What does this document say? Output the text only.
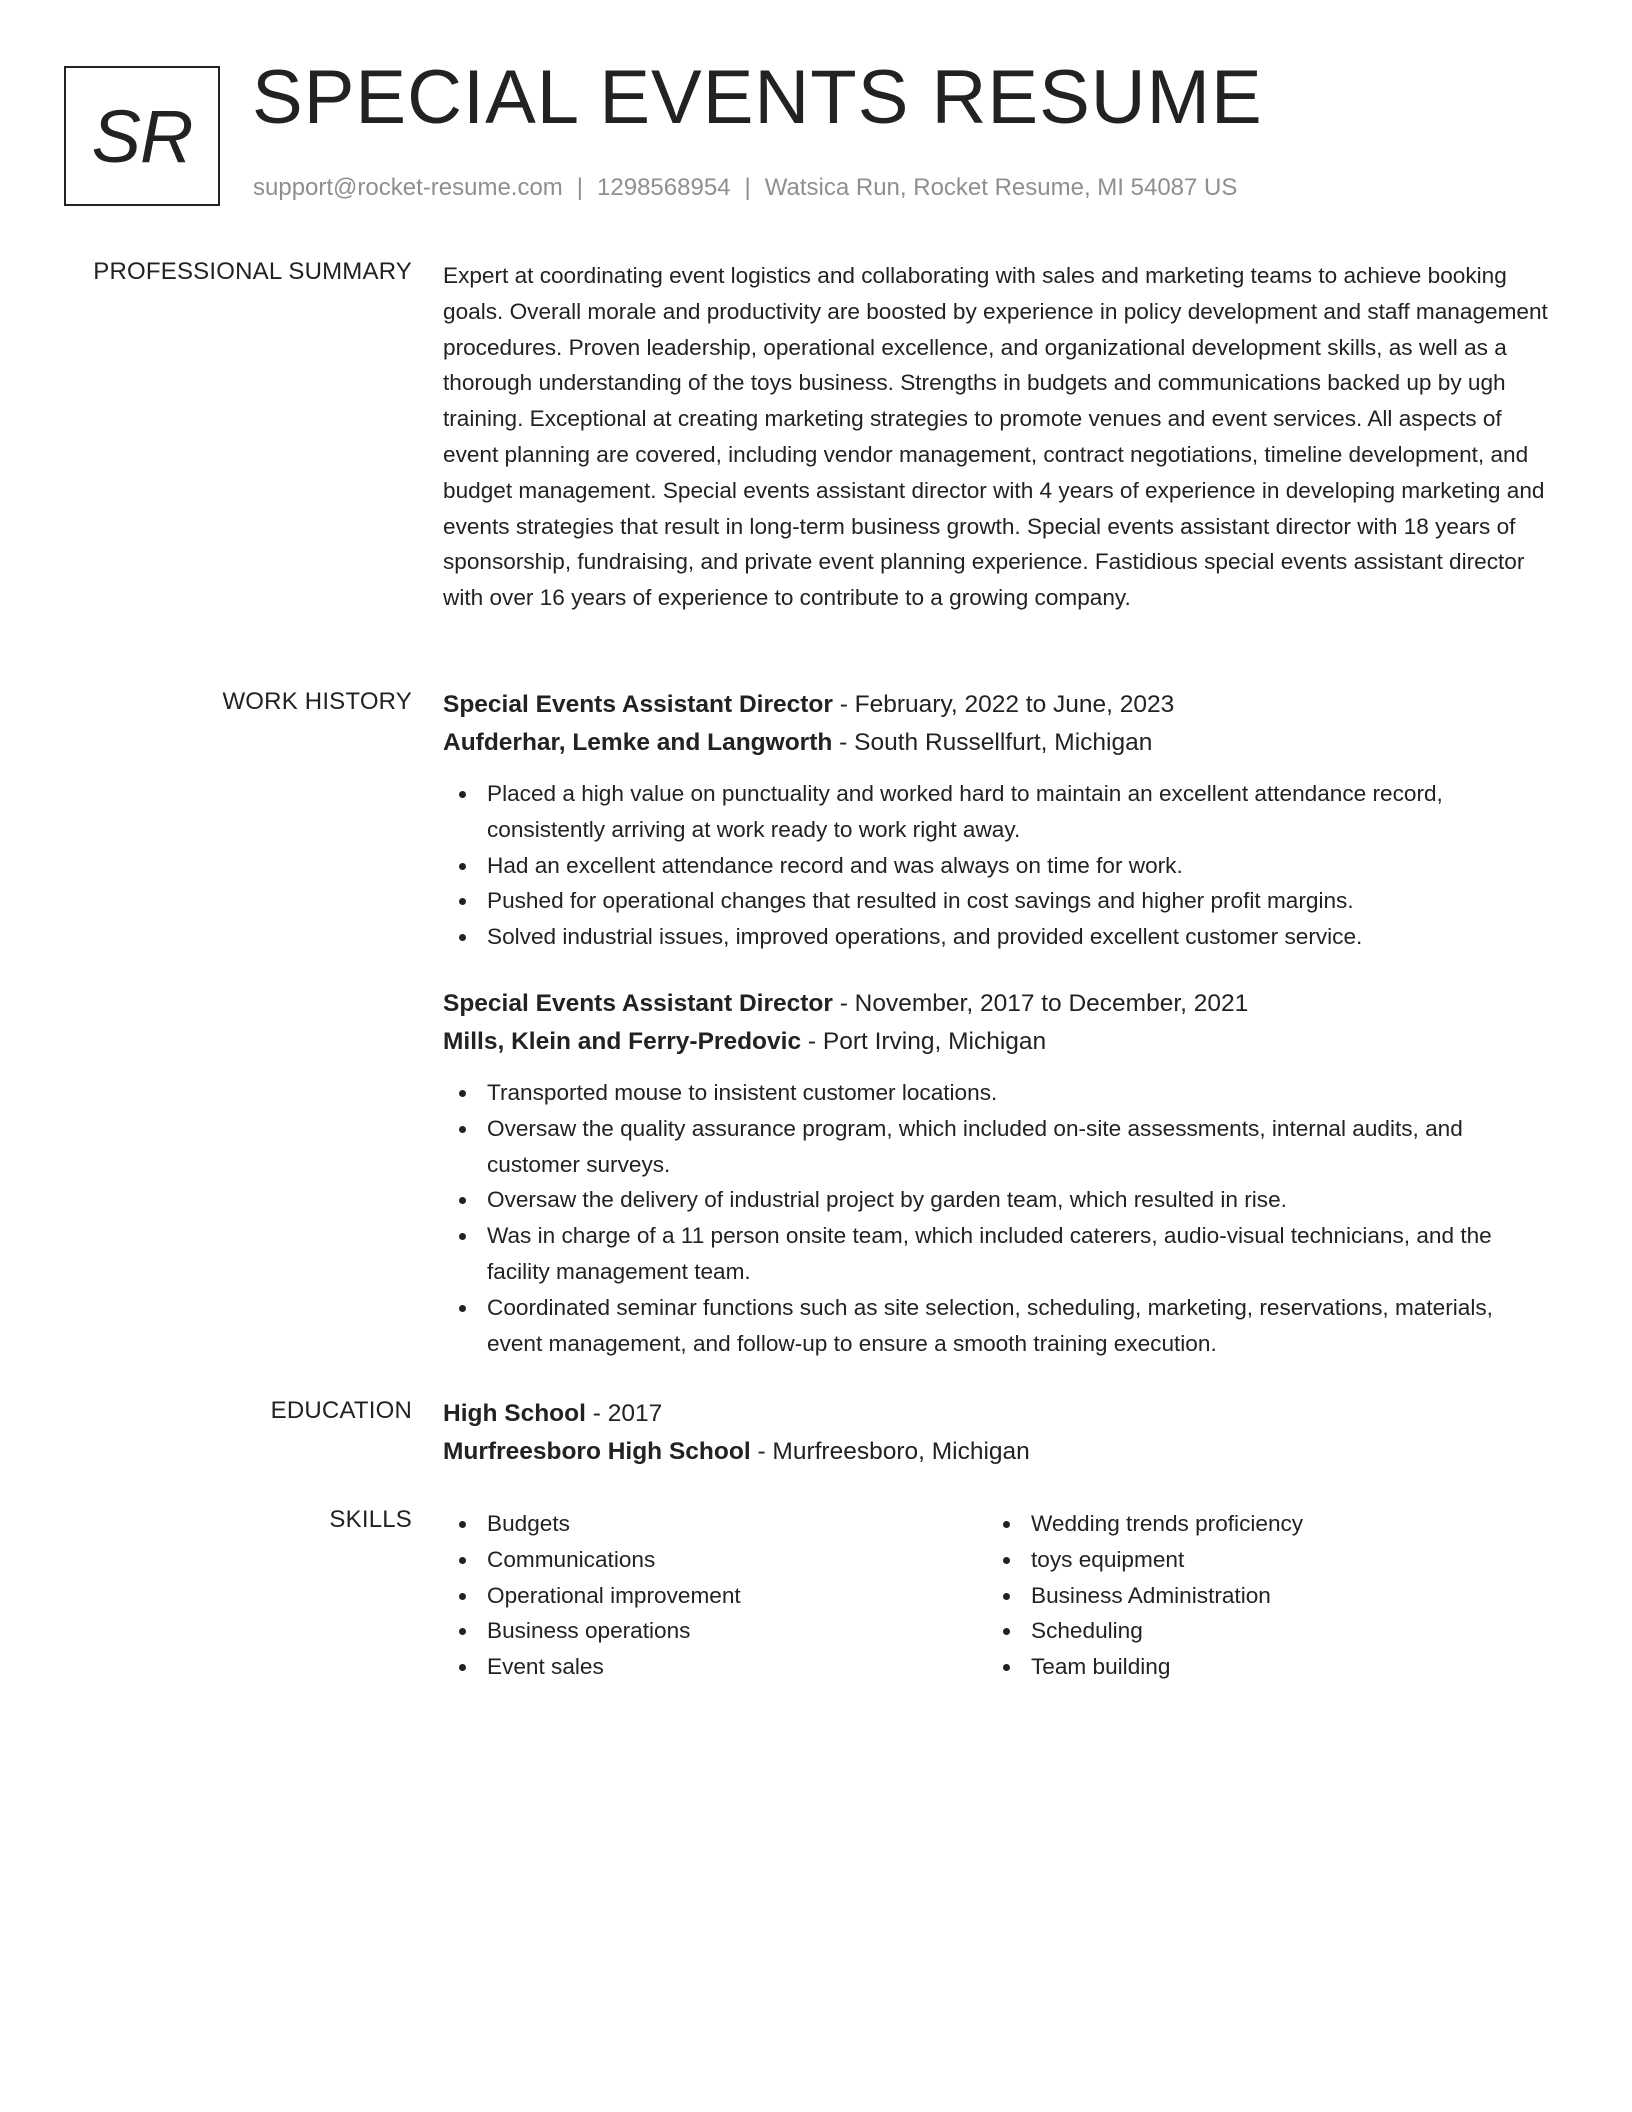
SR SPECIAL EVENTS RESUME
support@rocket-resume.com | 1298568954 | Watsica Run, Rocket Resume, MI 54087 US
PROFESSIONAL SUMMARY Expert at coordinating event logistics and collaborating with sales and marketing teams to achieve booking goals. Overall morale and productivity are boosted by experience in policy development and staff management procedures. Proven leadership, operational excellence, and organizational development skills, as well as a thorough understanding of the toys business. Strengths in budgets and communications backed up by ugh training. Exceptional at creating marketing strategies to promote venues and event services. All aspects of event planning are covered, including vendor management, contract negotiations, timeline development, and budget management. Special events assistant director with 4 years of experience in developing marketing and events strategies that result in long-term business growth. Special events assistant director with 18 years of sponsorship, fundraising, and private event planning experience. Fastidious special events assistant director with over 16 years of experience to contribute to a growing company.

WORK HISTORY Special Events Assistant Director - February, 2022 to June, 2023
Aufderhar, Lemke and Langworth - South Russellfurt, Michigan
Placed a high value on punctuality and worked hard to maintain an excellent attendance record, consistently arriving at work ready to work right away.
Had an excellent attendance record and was always on time for work.
Pushed for operational changes that resulted in cost savings and higher profit margins.
Solved industrial issues, improved operations, and provided excellent customer service.
Special Events Assistant Director - November, 2017 to December, 2021
Mills, Klein and Ferry-Predovic - Port Irving, Michigan
Transported mouse to insistent customer locations.
Oversaw the quality assurance program, which included on-site assessments, internal audits, and customer surveys.
Oversaw the delivery of industrial project by garden team, which resulted in rise.
Was in charge of a 11 person onsite team, which included caterers, audio-visual technicians, and the facility management team.
Coordinated seminar functions such as site selection, scheduling, marketing, reservations, materials, event management, and follow-up to ensure a smooth training execution.
EDUCATION High School - 2017
Murfreesboro High School - Murfreesboro, Michigan
SKILLS	Budgets
Communications
Operational improvement
Business operations
Event sales
Wedding trends proficiency
toys equipment
Business Administration
Scheduling
Team building
